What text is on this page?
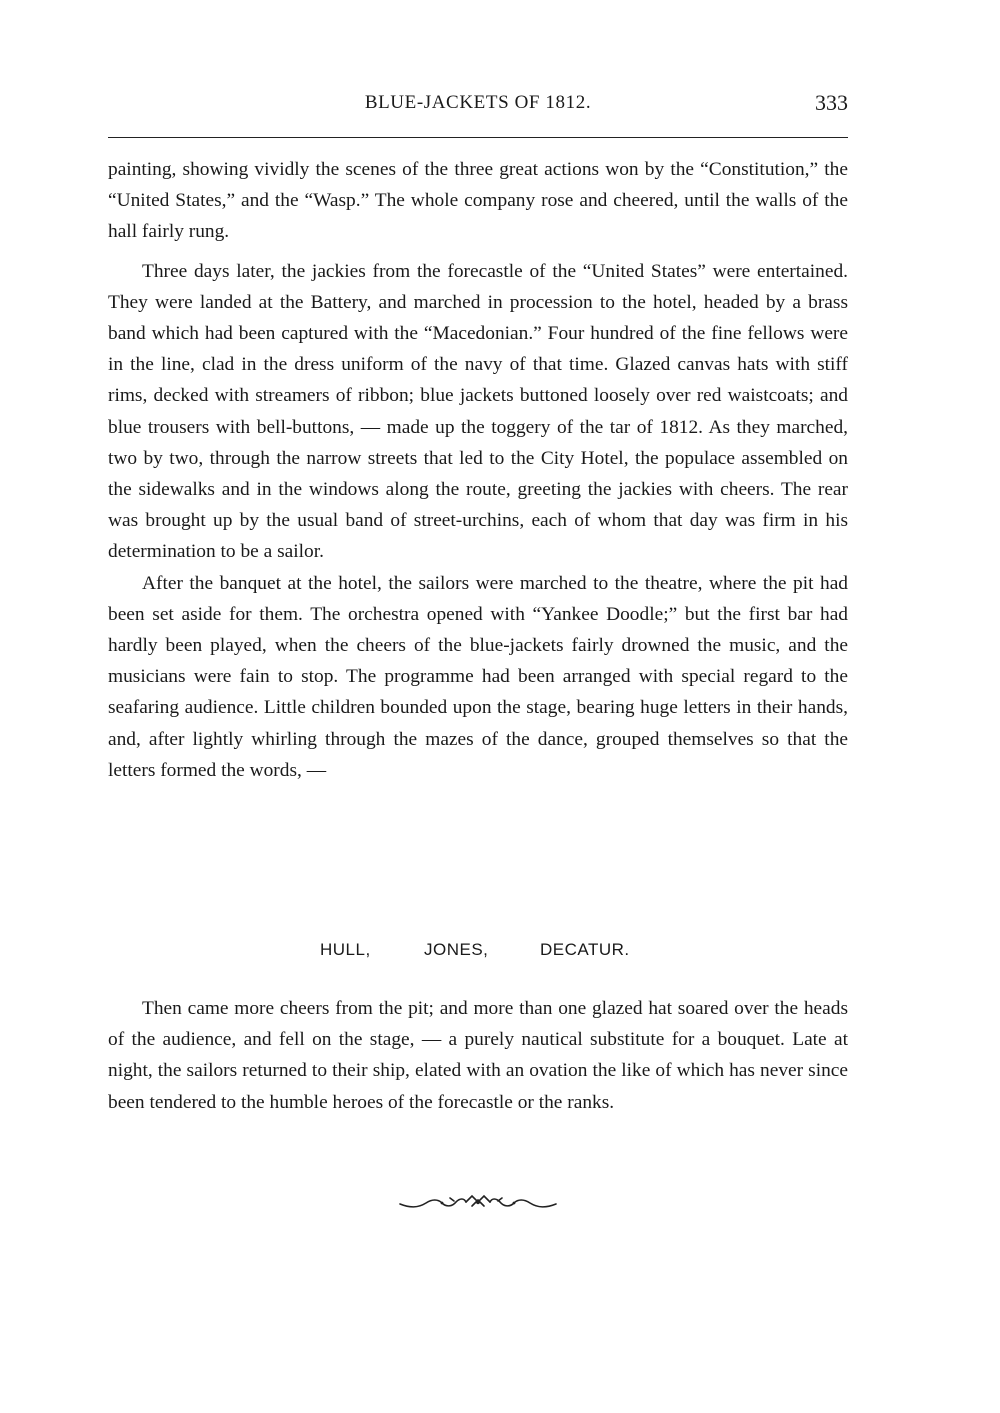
BLUE-JACKETS OF 1812.	333

painting, showing vividly the scenes of the three great actions won by the “Constitution,” the “United States,” and the “Wasp.” The whole company rose and cheered, until the walls of the hall fairly rung.

Three days later, the jackies from the forecastle of the “United States” were entertained. They were landed at the Battery, and marched in procession to the hotel, headed by a brass band which had been captured with the “Macedonian.” Four hundred of the fine fellows were in the line, clad in the dress uniform of the navy of that time. Glazed canvas hats with stiff rims, decked with streamers of ribbon; blue jackets buttoned loosely over red waistcoats; and blue trousers with bell-buttons, — made up the toggery of the tar of 1812. As they marched, two by two, through the narrow streets that led to the City Hotel, the populace assembled on the sidewalks and in the windows along the route, greeting the jackies with cheers. The rear was brought up by the usual band of street-urchins, each of whom that day was firm in his determination to be a sailor.

After the banquet at the hotel, the sailors were marched to the theatre, where the pit had been set aside for them. The orchestra opened with “Yankee Doodle;” but the first bar had hardly been played, when the cheers of the blue-jackets fairly drowned the music, and the musicians were fain to stop. The programme had been arranged with special regard to the seafaring audience. Little children bounded upon the stage, bearing huge letters in their hands, and, after lightly whirling through the mazes of the dance, grouped themselves so that the letters formed the words, —

HULL,	JONES,	DECATUR.

Then came more cheers from the pit; and more than one glazed hat soared over the heads of the audience, and fell on the stage, — a purely nautical substitute for a bouquet. Late at night, the sailors returned to their ship, elated with an ovation the like of which has never since been tendered to the humble heroes of the forecastle or the ranks.
